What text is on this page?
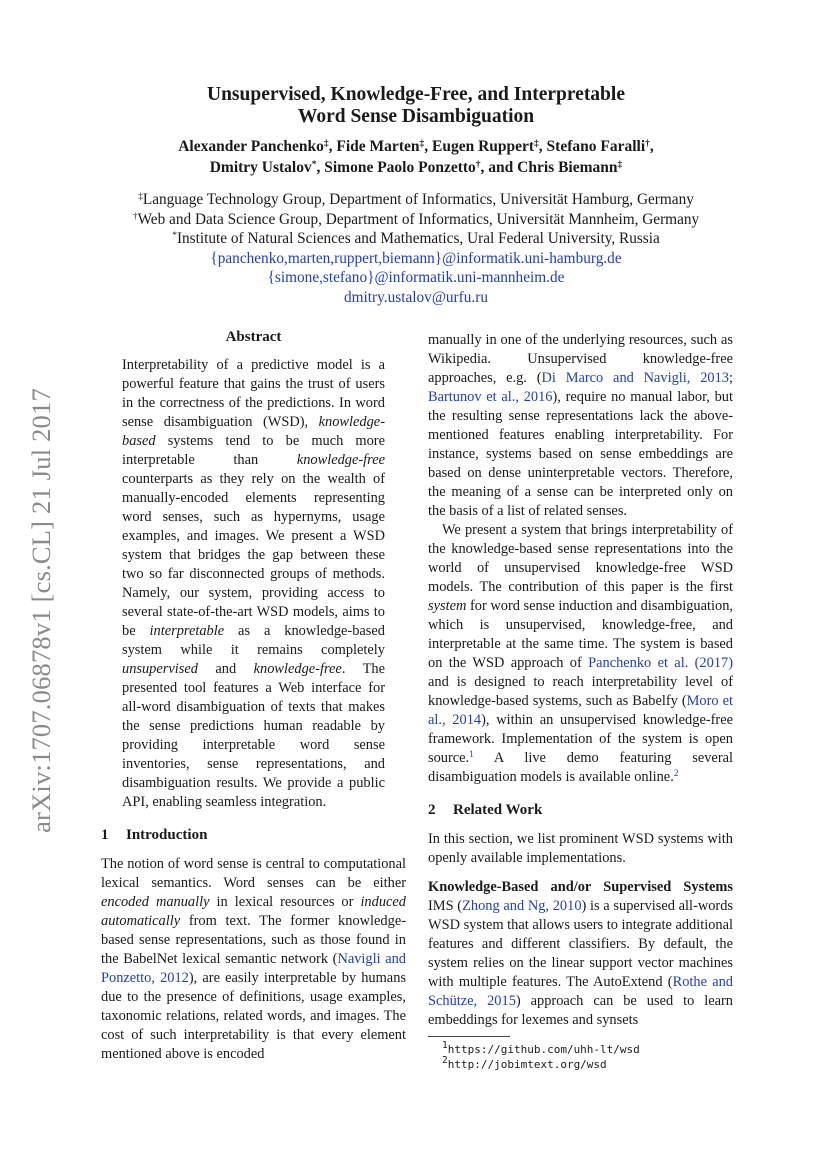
arXiv:1707.06878v1 [cs.CL] 21 Jul 2017
Unsupervised, Knowledge-Free, and Interpretable
Word Sense Disambiguation
Alexander Panchenko‡, Fide Marten‡, Eugen Ruppert‡, Stefano Faralli†,
Dmitry Ustalov*, Simone Paolo Ponzetto†, and Chris Biemann‡
‡Language Technology Group, Department of Informatics, Universität Hamburg, Germany
†Web and Data Science Group, Department of Informatics, Universität Mannheim, Germany
*Institute of Natural Sciences and Mathematics, Ural Federal University, Russia
{panchenko,marten,ruppert,biemann}@informatik.uni-hamburg.de
{simone,stefano}@informatik.uni-mannheim.de
dmitry.ustalov@urfu.ru
Abstract

Interpretability of a predictive model is a powerful feature that gains the trust of users in the correctness of the predictions. In word sense disambiguation (WSD), knowledge-based systems tend to be much more interpretable than knowledge-free counterparts as they rely on the wealth of manually-encoded elements representing word senses, such as hypernyms, usage examples, and images. We present a WSD system that bridges the gap between these two so far disconnected groups of methods. Namely, our system, providing access to several state-of-the-art WSD models, aims to be interpretable as a knowledge-based system while it remains completely unsupervised and knowledge-free. The presented tool features a Web interface for all-word disambiguation of texts that makes the sense predictions human readable by providing interpretable word sense inventories, sense representations, and disambiguation results. We provide a public API, enabling seamless integration.

1 Introduction

The notion of word sense is central to computational lexical semantics. Word senses can be either encoded manually in lexical resources or induced automatically from text. The former knowledge-based sense representations, such as those found in the BabelNet lexical semantic network (Navigli and Ponzetto, 2012), are easily interpretable by humans due to the presence of definitions, usage examples, taxonomic relations, related words, and images. The cost of such interpretability is that every element mentioned above is encoded

manually in one of the underlying resources, such as Wikipedia. Unsupervised knowledge-free approaches, e.g. (Di Marco and Navigli, 2013; Bartunov et al., 2016), require no manual labor, but the resulting sense representations lack the above-mentioned features enabling interpretability. For instance, systems based on sense embeddings are based on dense uninterpretable vectors. Therefore, the meaning of a sense can be interpreted only on the basis of a list of related senses.

We present a system that brings interpretability of the knowledge-based sense representations into the world of unsupervised knowledge-free WSD models. The contribution of this paper is the first system for word sense induction and disambiguation, which is unsupervised, knowledge-free, and interpretable at the same time. The system is based on the WSD approach of Panchenko et al. (2017) and is designed to reach interpretability level of knowledge-based systems, such as Babelfy (Moro et al., 2014), within an unsupervised knowledge-free framework. Implementation of the system is open source.$^1$ A live demo featuring several disambiguation models is available online.$^2$

2 Related Work

In this section, we list prominent WSD systems with openly available implementations.

Knowledge-Based and/or Supervised Systems IMS (Zhong and Ng, 2010) is a supervised all-words WSD system that allows users to integrate additional features and different classifiers. By default, the system relies on the linear support vector machines with multiple features. The AutoExtend (Rothe and Schütze, 2015) approach can be used to learn embeddings for lexemes and synsets

$^1$https://github.com/uhh-lt/wsd
$^2$http://jobimtext.org/wsd
